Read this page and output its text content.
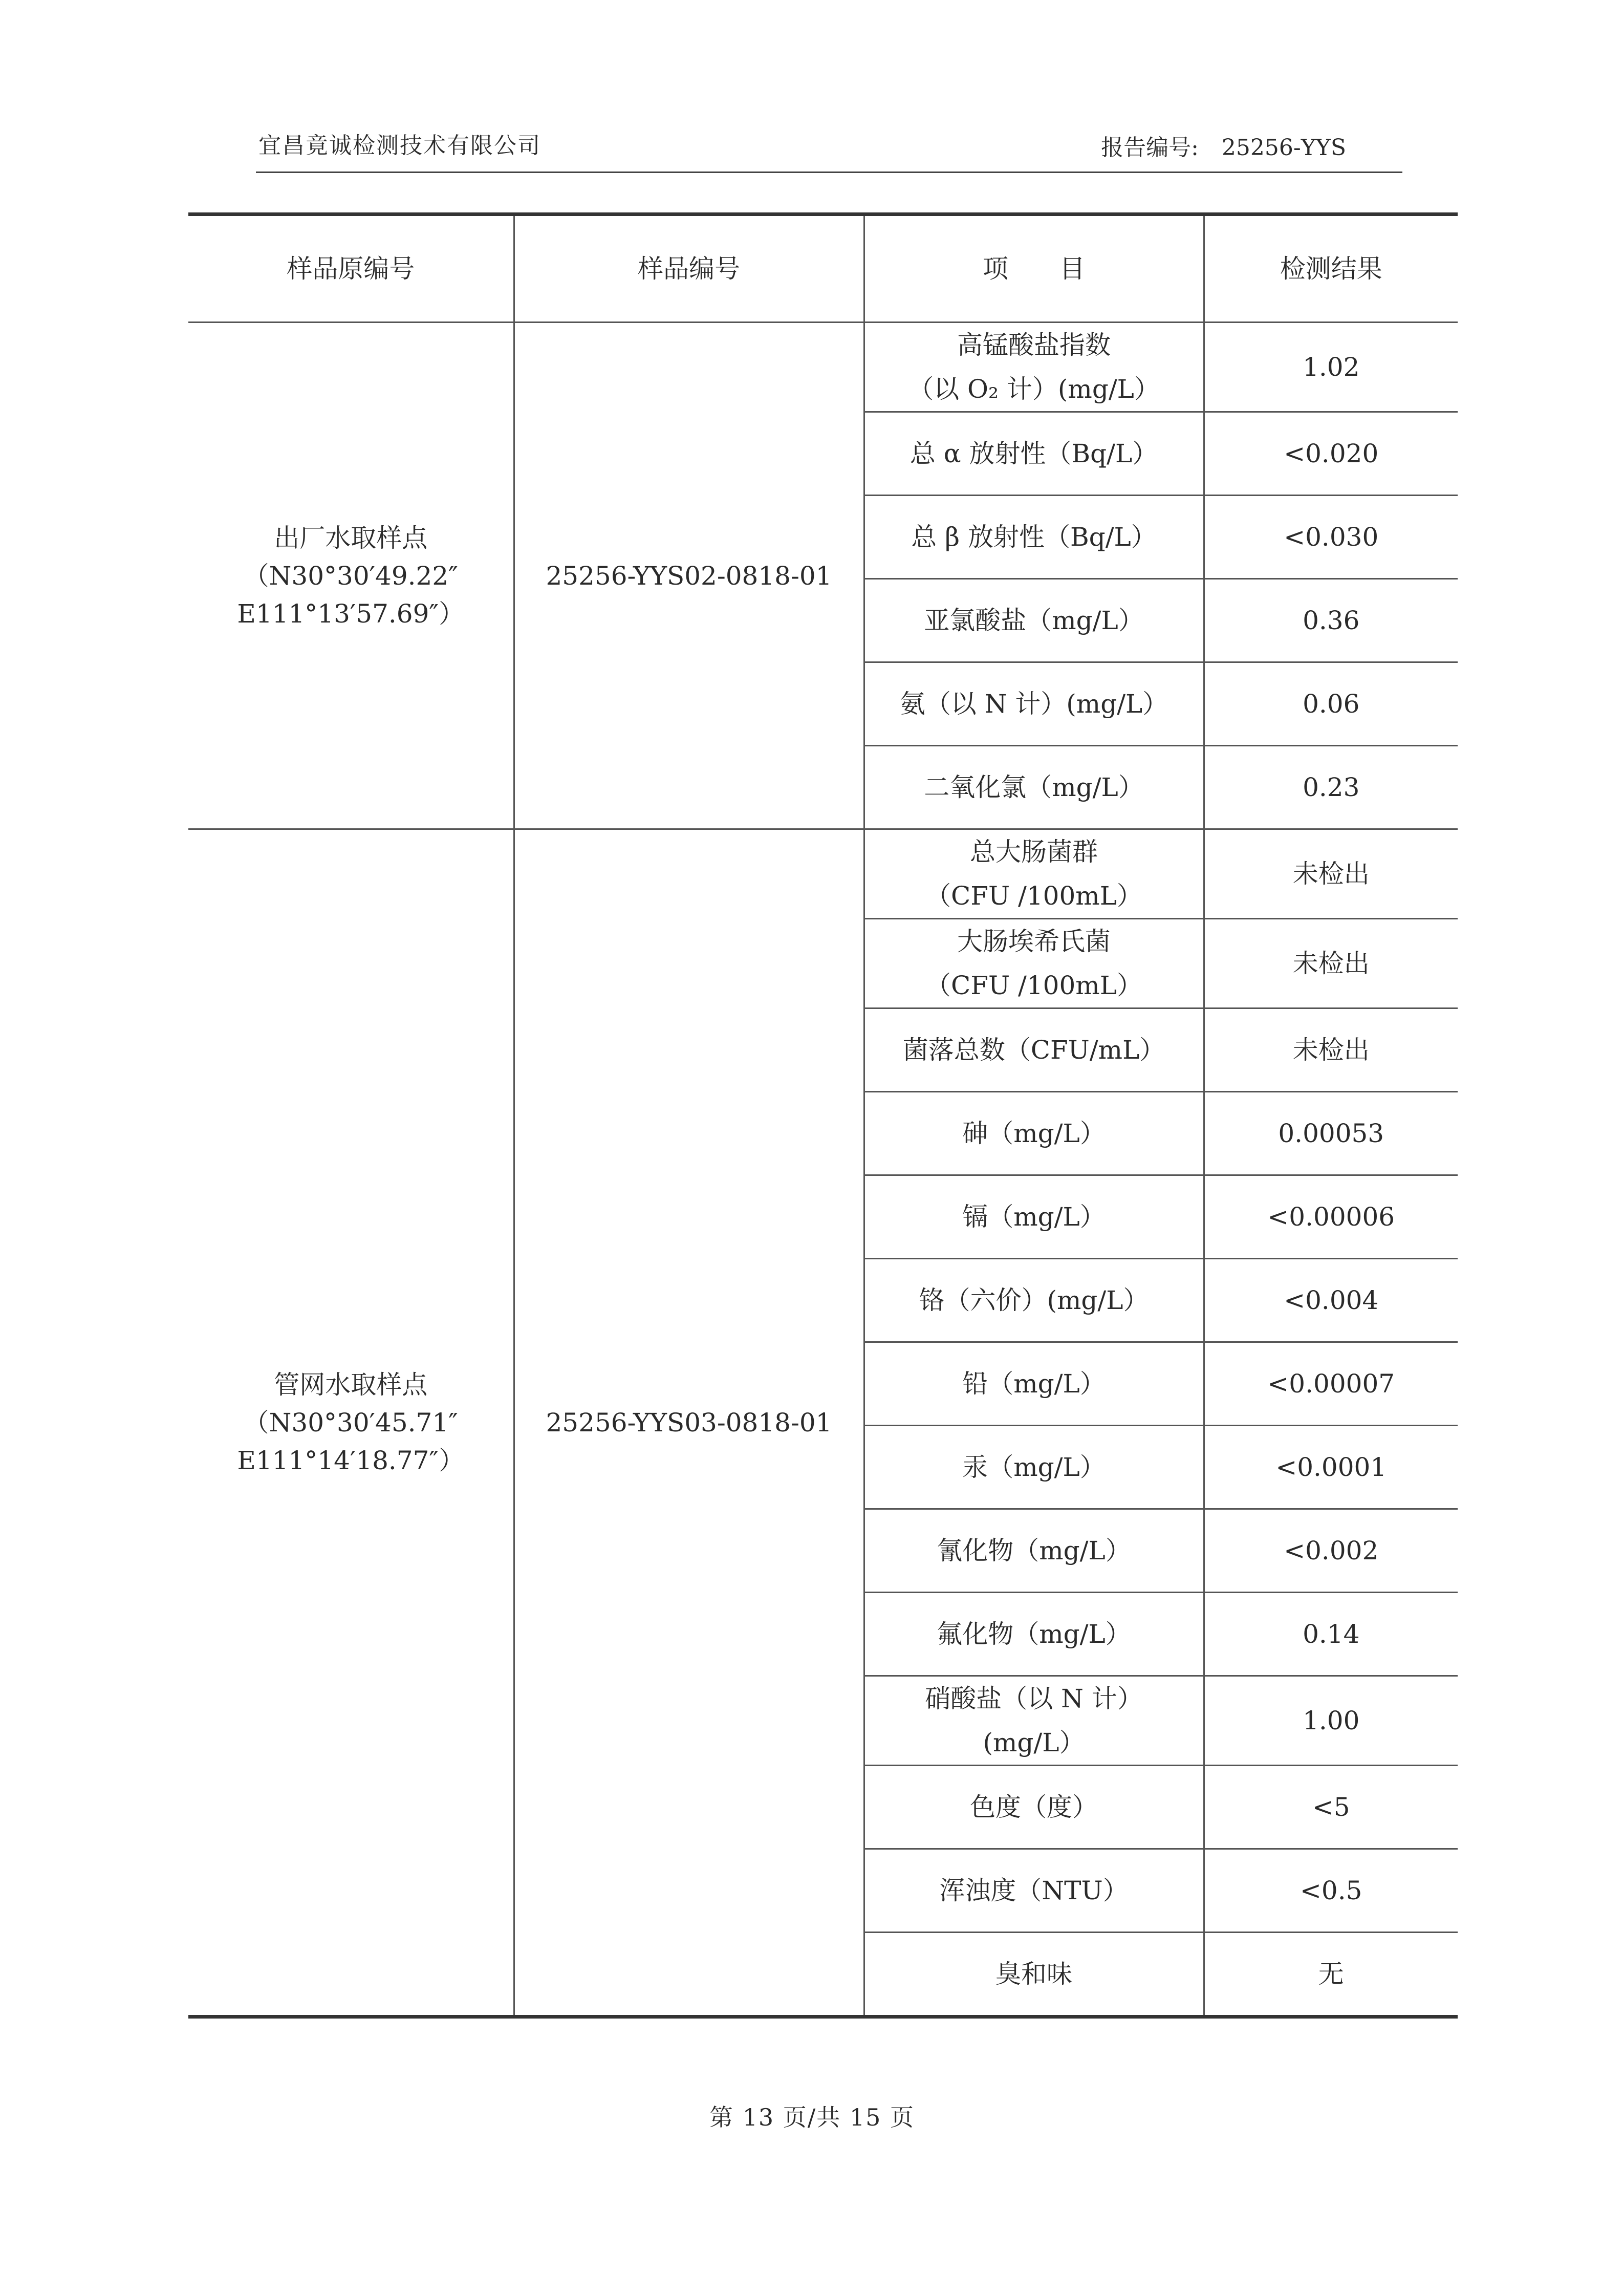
宜昌竟诚检测技术有限公司	报告编号: 25256-YYS
样品原编号	样品编号	项　　目	检测结果

出厂水取样点
（N30°30′49.22″
E111°13′57.69″）	25256-YYS02-0818-01	高锰酸盐指数
（以 O₂ 计）(mg/L）	1.02

		总 α 放射性（Bq/L）	<0.020

		总 β 放射性（Bq/L）	<0.030

		亚氯酸盐（mg/L）	0.36

		氨（以 N 计）(mg/L）	0.06

		二氧化氯（mg/L）	0.23

管网水取样点
（N30°30′45.71″
E111°14′18.77″）	25256-YYS03-0818-01	总大肠菌群
（CFU /100mL）	未检出

		大肠埃希氏菌
（CFU /100mL）	未检出

		菌落总数（CFU/mL）	未检出

		砷（mg/L）	0.00053

		镉（mg/L）	<0.00006

		铬（六价）(mg/L）	<0.004

		铅（mg/L）	<0.00007

		汞（mg/L）	<0.0001

		氰化物（mg/L）	<0.002

		氟化物（mg/L）	0.14

		硝酸盐（以 N 计）
(mg/L）	1.00

		色度（度）	<5

		浑浊度（NTU）	<0.5

		臭和味	无
第 13 页/共 15 页
